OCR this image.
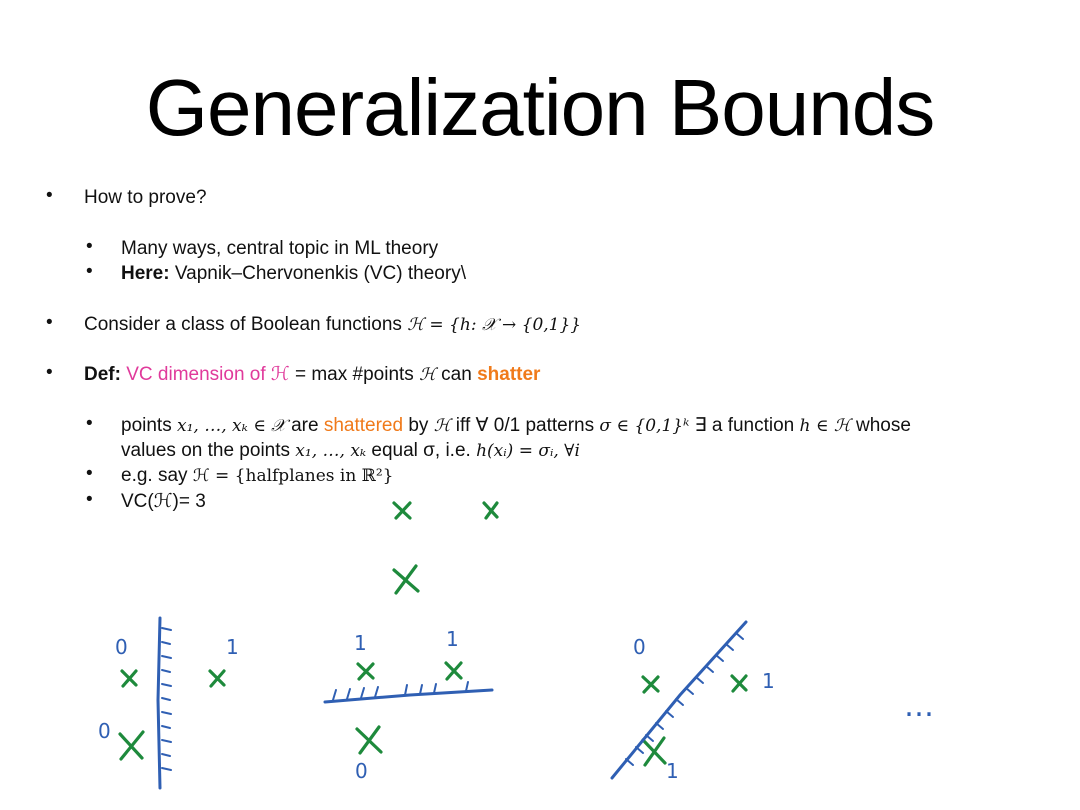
Generalization Bounds
• How to prove?
• Many ways, central topic in ML theory
• Here: Vapnik–Chervonenkis (VC) theory\
• Consider a class of Boolean functions ℋ = {h: 𝒳 → {0,1}}
• Def: VC dimension of ℋ = max #points ℋ can shatter
• points x₁, …, xₖ ∈ 𝒳 are shattered by ℋ iff ∀ 0/1 patterns σ ∈ {0,1}ᵏ ∃ a function h ∈ ℋ whose
values on the points x₁, …, xₖ equal σ, i.e. h(xᵢ) = σᵢ, ∀i
• e.g. say ℋ = {halfplanes in ℝ²}
• VC(ℋ)= 3
0	1
0
1	1
0
0
1
1
…
